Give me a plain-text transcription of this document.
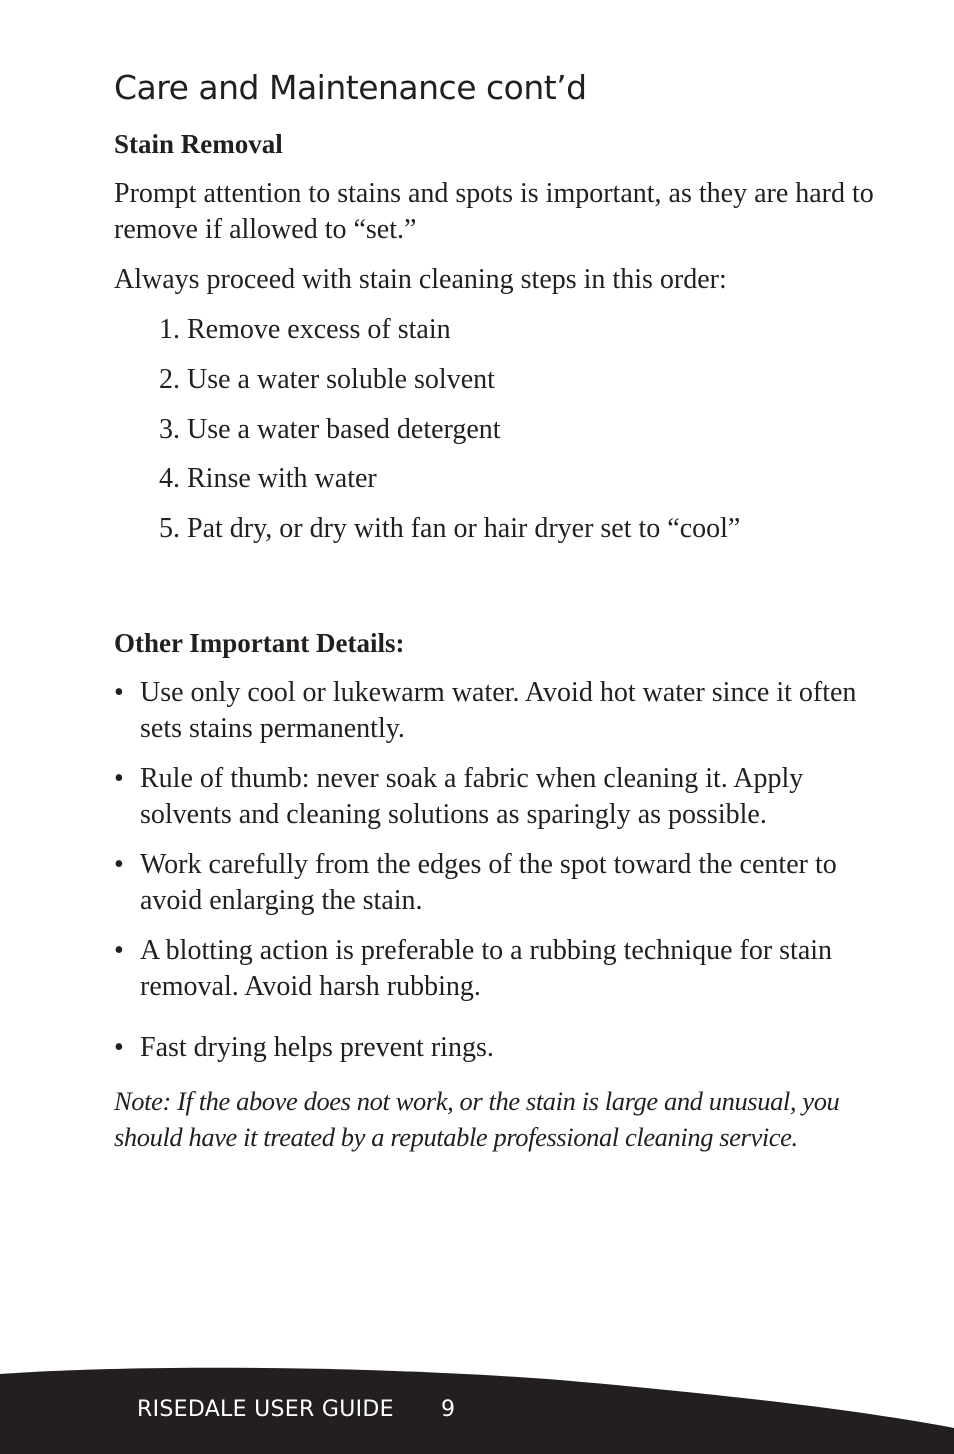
Care and Maintenance cont’d
Stain Removal

Prompt attention to stains and spots is important, as they are hard to remove if allowed to “set.”

Always proceed with stain cleaning steps in this order:

1. Remove excess of stain

2. Use a water soluble solvent

3. Use a water based detergent

4. Rinse with water

5. Pat dry, or dry with fan or hair dryer set to “cool”

Other Important Details:
• Use only cool or lukewarm water. Avoid hot water since it often sets stains permanently.
• Rule of thumb: never soak a fabric when cleaning it. Apply solvents and cleaning solutions as sparingly as possible.
• Work carefully from the edges of the spot toward the center to avoid enlarging the stain.
• A blotting action is preferable to a rubbing technique for stain removal. Avoid harsh rubbing.
• Fast drying helps prevent rings.

Note: If the above does not work, or the stain is large and unusual, you should have it treated by a reputable professional cleaning service.

RISEDALE USER GUIDE 9
